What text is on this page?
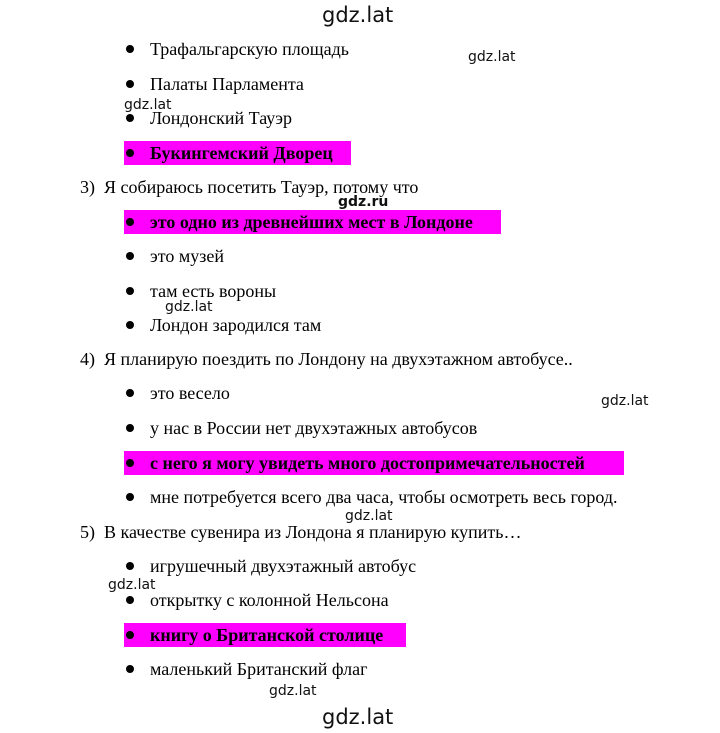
gdz.lat
Трафальгарскую площадь	gdz.lat
Палаты Парламента
gdz.lat
Лондонский Тауэр
Букингемский Дворец
3) Я собираюсь посетить Тауэр, потому что
gdz.ru
это одно из древнейших мест в Лондоне
это музей
там есть вороны
gdz.lat
Лондон зародился там
4) Я планирую поездить по Лондону на двухэтажном автобусе..
это весело	gdz.lat
у нас в России нет двухэтажных автобусов
с него я могу увидеть много достопримечательностей
мне потребуется всего два часа, чтобы осмотреть весь город.
gdz.lat
5) В качестве сувенира из Лондона я планирую купить…
игрушечный двухэтажный автобус
gdz.lat
открытку с колонной Нельсона
книгу о Британской столице
маленький Британский флаг
gdz.lat
gdz.lat
